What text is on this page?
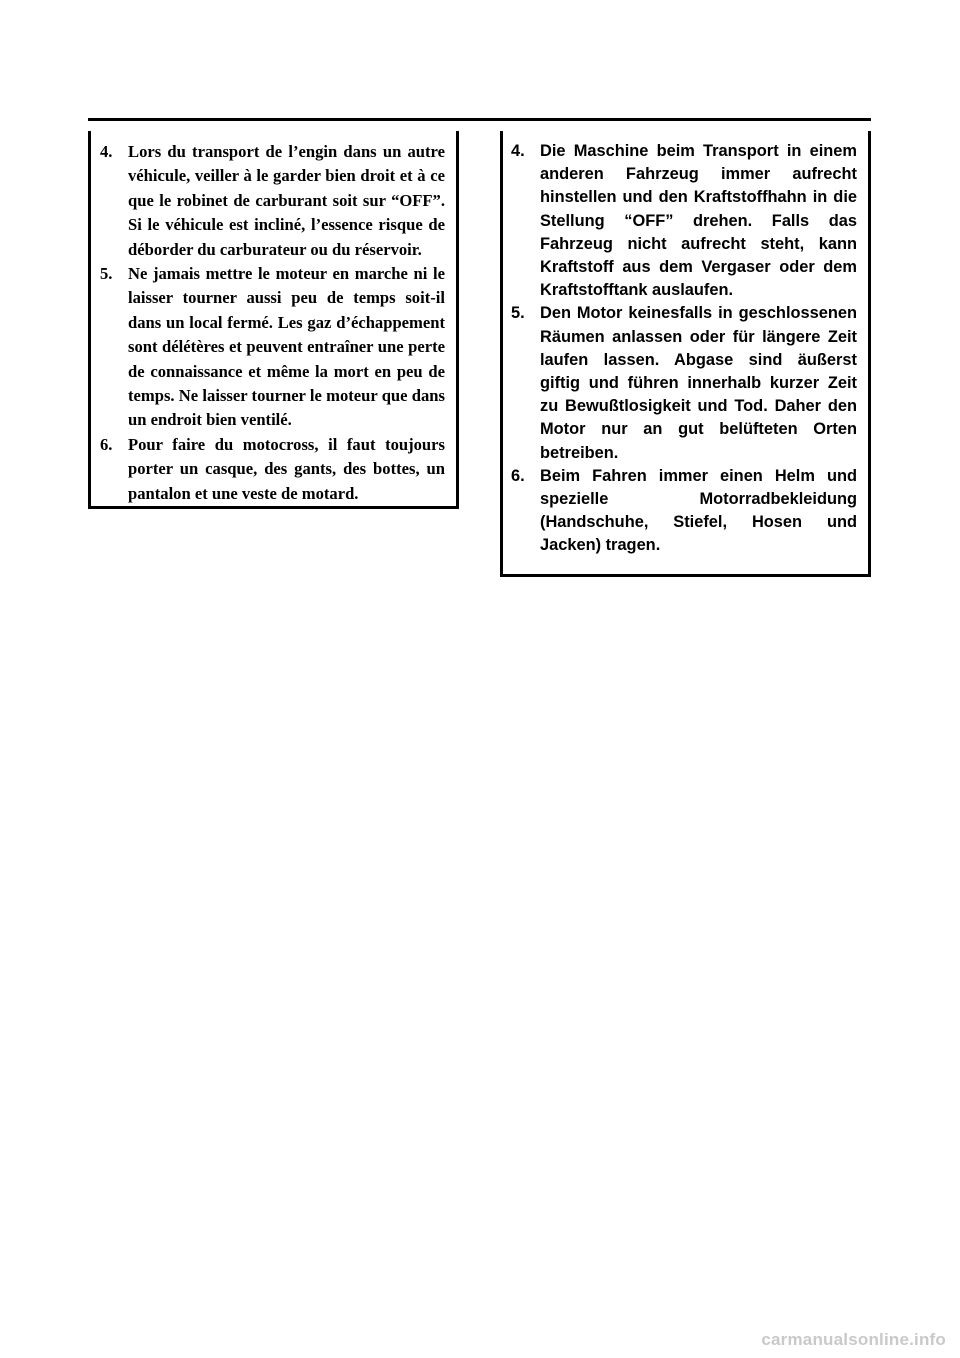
4. Lors du transport de l’engin dans un autre véhicule, veiller à le garder bien droit et à ce que le robinet de carburant soit sur “OFF”. Si le véhicule est incliné, l’essence risque de déborder du carburateur ou du réservoir.
5. Ne jamais mettre le moteur en marche ni le laisser tourner aussi peu de temps soit-il dans un local fermé. Les gaz d’échappement sont délétères et peuvent entraîner une perte de connaissance et même la mort en peu de temps. Ne laisser tourner le moteur que dans un endroit bien ventilé.
6. Pour faire du motocross, il faut toujours porter un casque, des gants, des bottes, un pantalon et une veste de motard.
4. Die Maschine beim Transport in einem anderen Fahrzeug immer aufrecht hinstellen und den Kraftstoffhahn in die Stellung “OFF” drehen. Falls das Fahrzeug nicht aufrecht steht, kann Kraftstoff aus dem Vergaser oder dem Kraftstofftank auslaufen.
5. Den Motor keinesfalls in geschlossenen Räumen anlassen oder für längere Zeit laufen lassen. Abgase sind äußerst giftig und führen innerhalb kurzer Zeit zu Bewußtlosigkeit und Tod. Daher den Motor nur an gut belüfteten Orten betreiben.
6. Beim Fahren immer einen Helm und spezielle Motorradbekleidung (Handschuhe, Stiefel, Hosen und Jacken) tragen.
carmanualsonline.info
